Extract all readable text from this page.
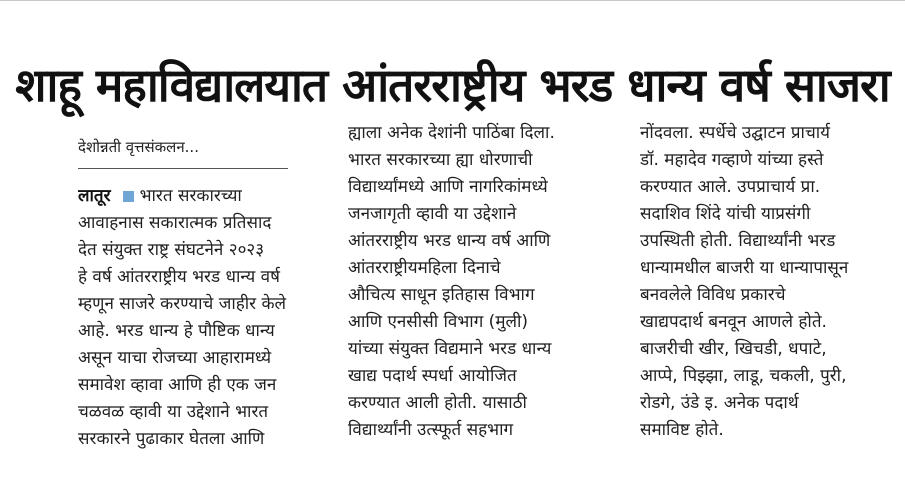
शाहू महाविद्यालयात आंतरराष्ट्रीय भरड धान्य वर्ष साजरा
देशोन्नती वृत्तसंकलन...
लातूर भारत सरकारच्या
आवाहनास सकारात्मक प्रतिसाद
देत संयुक्त राष्ट्र संघटनेने २०२३
हे वर्ष आंतरराष्ट्रीय भरड धान्य वर्ष
म्हणून साजरे करण्याचे जाहीर केले
आहे. भरड धान्य हे पौष्टिक धान्य
असून याचा रोजच्या आहारामध्ये
समावेश व्हावा आणि ही एक जन
चळवळ व्हावी या उद्देशाने भारत
सरकारने पुढाकार घेतला आणि
ह्याला अनेक देशांनी पाठिंबा दिला.
भारत सरकारच्या ह्या धोरणाची
विद्यार्थ्यांमध्ये आणि नागरिकांमध्ये
जनजागृती व्हावी या उद्देशाने
आंतरराष्ट्रीय भरड धान्य वर्ष आणि
आंतरराष्ट्रीयमहिला दिनाचे
औचित्य साधून इतिहास विभाग
आणि एनसीसी विभाग (मुली)
यांच्या संयुक्त विद्यमाने भरड धान्य
खाद्य पदार्थ स्पर्धा आयोजित
करण्यात आली होती. यासाठी
विद्यार्थ्यांनी उत्स्फूर्त सहभाग
नोंदवला. स्पर्धेचे उद्घाटन प्राचार्य
डॉ. महादेव गव्हाणे यांच्या हस्ते
करण्यात आले. उपप्राचार्य प्रा.
सदाशिव शिंदे यांची याप्रसंगी
उपस्थिती होती. विद्यार्थ्यांनी भरड
धान्यामधील बाजरी या धान्यापासून
बनवलेले विविध प्रकारचे
खाद्यपदार्थ बनवून आणले होते.
बाजरीची खीर, खिचडी, धपाटे,
आप्पे, पिझ्झा, लाडू, चकली, पुरी,
रोडगे, उंडे इ. अनेक पदार्थ
समाविष्ट होते.
